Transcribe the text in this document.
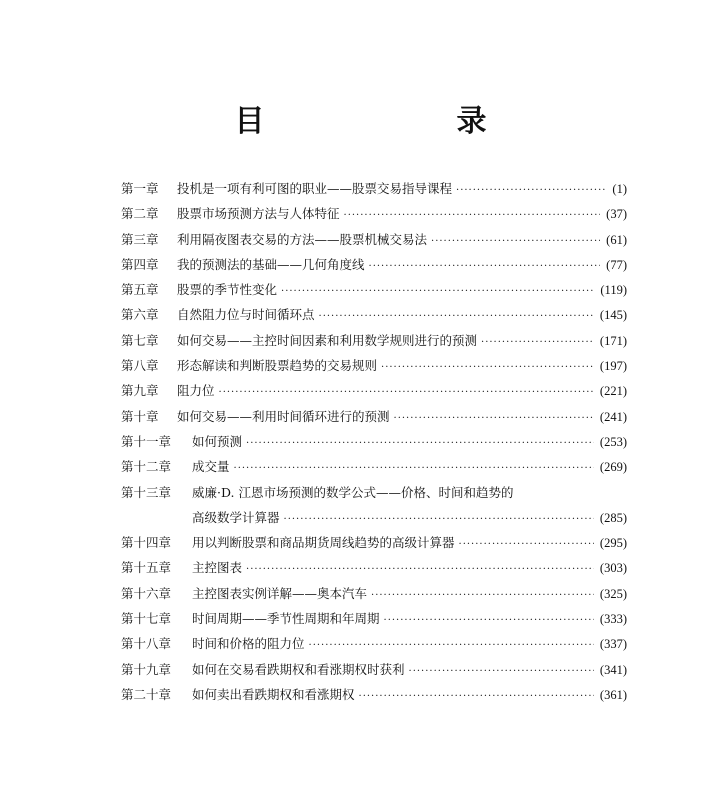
目　　录
第一章	投机是一项有利可图的职业——股票交易指导课程 ·····	(1)
第二章	股票市场预测方法与人体特征 ·····	(37)
第三章	利用隔夜图表交易的方法——股票机械交易法 ·····	(61)
第四章	我的预测法的基础——几何角度线 ·····	(77)
第五章	股票的季节性变化 ·····	(119)
第六章	自然阻力位与时间循环点 ·····	(145)
第七章	如何交易——主控时间因素和利用数学规则进行的预测 ·····	(171)
第八章	形态解读和判断股票趋势的交易规则 ·····	(197)
第九章	阻力位 ·····	(221)
第十章	如何交易——利用时间循环进行的预测 ·····	(241)
第十一章	如何预测 ·····	(253)
第十二章	成交量 ·····	(269)
第十三章	威廉·D. 江恩市场预测的数学公式——价格、时间和趋势的
高级数学计算器 ·····	(285)
第十四章	用以判断股票和商品期货周线趋势的高级计算器 ·····	(295)
第十五章	主控图表 ·····	(303)
第十六章	主控图表实例详解——奥本汽车 ·····	(325)
第十七章	时间周期——季节性周期和年周期 ·····	(333)
第十八章	时间和价格的阻力位 ·····	(337)
第十九章	如何在交易看跌期权和看涨期权时获利 ·····	(341)
第二十章	如何卖出看跌期权和看涨期权 ·····	(361)
